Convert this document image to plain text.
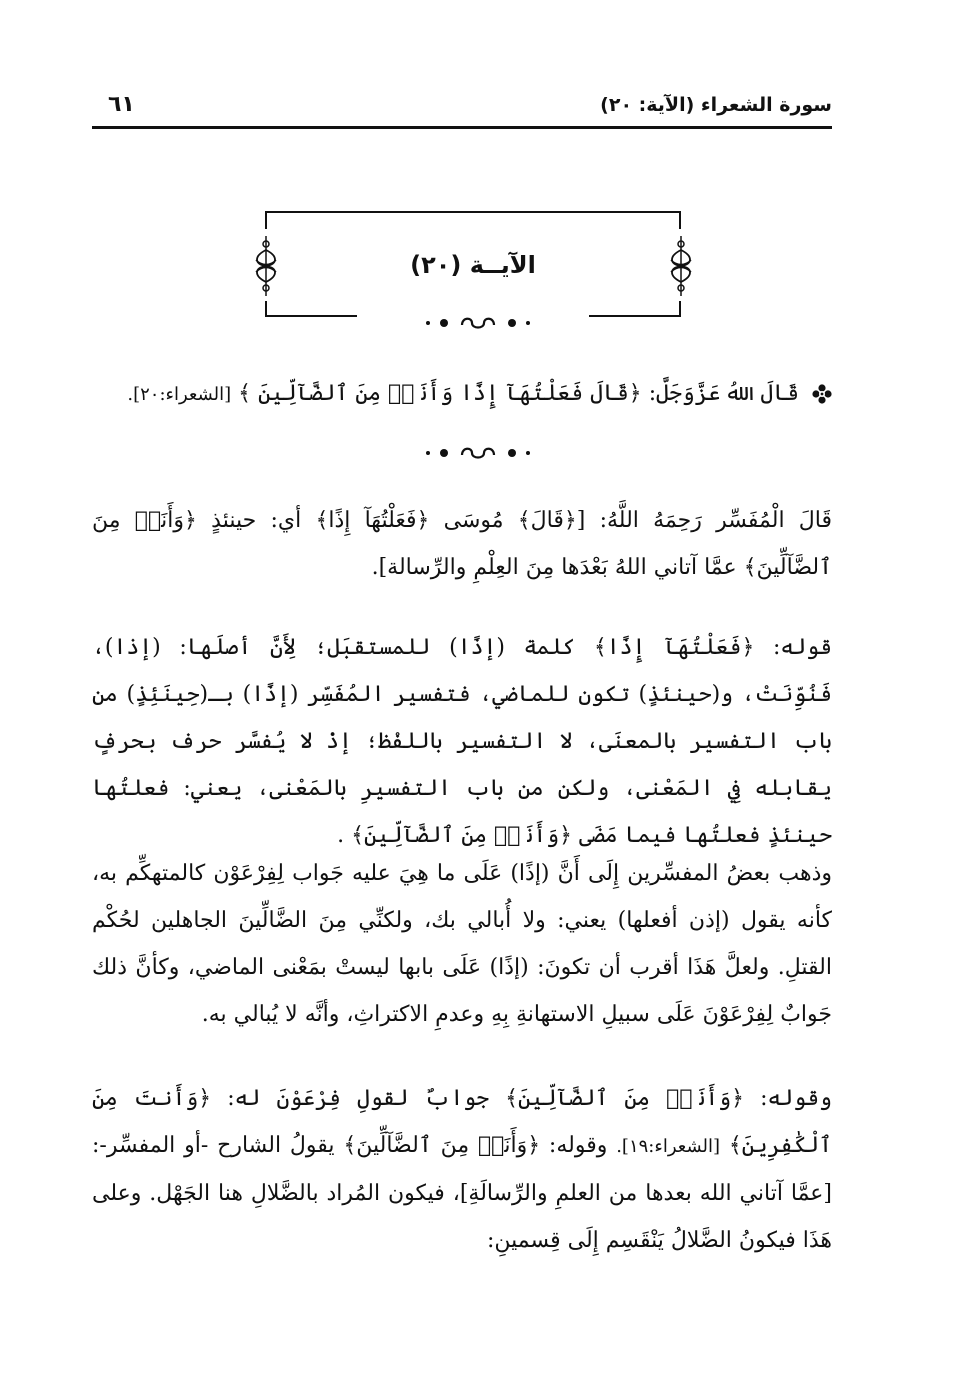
سورة الشعراء (الآية: ٢٠)
٦١
الآيــة (٢٠)
قَالَ اللهُ عَزَّوَجَلَّ: ﴿قَالَ فَعَلْتُهَآ إِذًا وَأَنَا۠ مِنَ ٱلضَّآلِّينَ ﴾ [الشعراء:٢٠].

قَالَ الْمُفَسِّر رَحِمَهُ اللَّهُ: [﴿قَالَ﴾ مُوسَى ﴿فَعَلْتُهَآ إِذًا﴾ أي: حينئذٍ ﴿وَأَنَا۠ مِنَ ٱلضَّآلِّينَ﴾ عمَّا آتاني اللهُ بَعْدَها مِنَ العِلْمِ والرِّسالة].

قوله: ﴿فَعَلْتُهَآ إِذًا﴾ كلمة (إذًا) للمستقبَل؛ لِأَنَّ أصلَها: (إذا)، فَنُوِّنَتْ، و(حينئذٍ) تكون للماضي، فتفسير المُفَسِّر (إذًا) بـ(حِينَئِذٍ) من باب التفسير بالمعنَى، لا التفسير باللفْظ؛ إذْ لا يُفسَّر حرف بحرفٍ يقابله فِي المَعْنى، ولكن من باب التفسيرِ بالمَعْنى، يعني: فعلتُها حينئذٍ فعلتُها فيما مَضَى ﴿وَأَنَا۠ مِنَ ٱلضَّآلِّينَ﴾ .

وذهب بعضُ المفسِّرين إِلَى أَنَّ (إذًا) عَلَى ما هِيَ عليه جَواب لِفِرْعَوْن كالمتهكِّم به، كأنه يقول (إذن أفعلها) يعني: ولا أُبالي بك، ولكنِّي مِنَ الضَّالِّينَ الجاهلين لحُكْم القتلِ. ولعلَّ هَذَا أقرب أن تكونَ: (إذًا) عَلَى بابها ليستْ بمَعْنى الماضي، وكأنَّ ذلك جَوابٌ لِفِرْعَوْنَ عَلَى سبيلِ الاستهانةِ بِهِ وعدمِ الاكتراثِ، وأنَّه لا يُبالي به.

وقوله: ﴿وَأَنَا۠ مِنَ ٱلضَّآلِّينَ﴾ جوابٌ لقولِ فِرْعَوْنَ له: ﴿وَأَنتَ مِنَ ٱلْكَٰفِرِينَ﴾ [الشعراء:١٩]. وقوله: ﴿وَأَنَا۠ مِنَ ٱلضَّآلِّينَ﴾ يقولُ الشارح -أو المفسِّر-: [عمَّا آتاني الله بعدها من العلمِ والرِّسالَةِ]، فيكون المُراد بالضَّلالِ هنا الجَهْل. وعلى هَذَا فيكونُ الضَّلالُ يَنْقَسِم إِلَى قِسمينِ:
